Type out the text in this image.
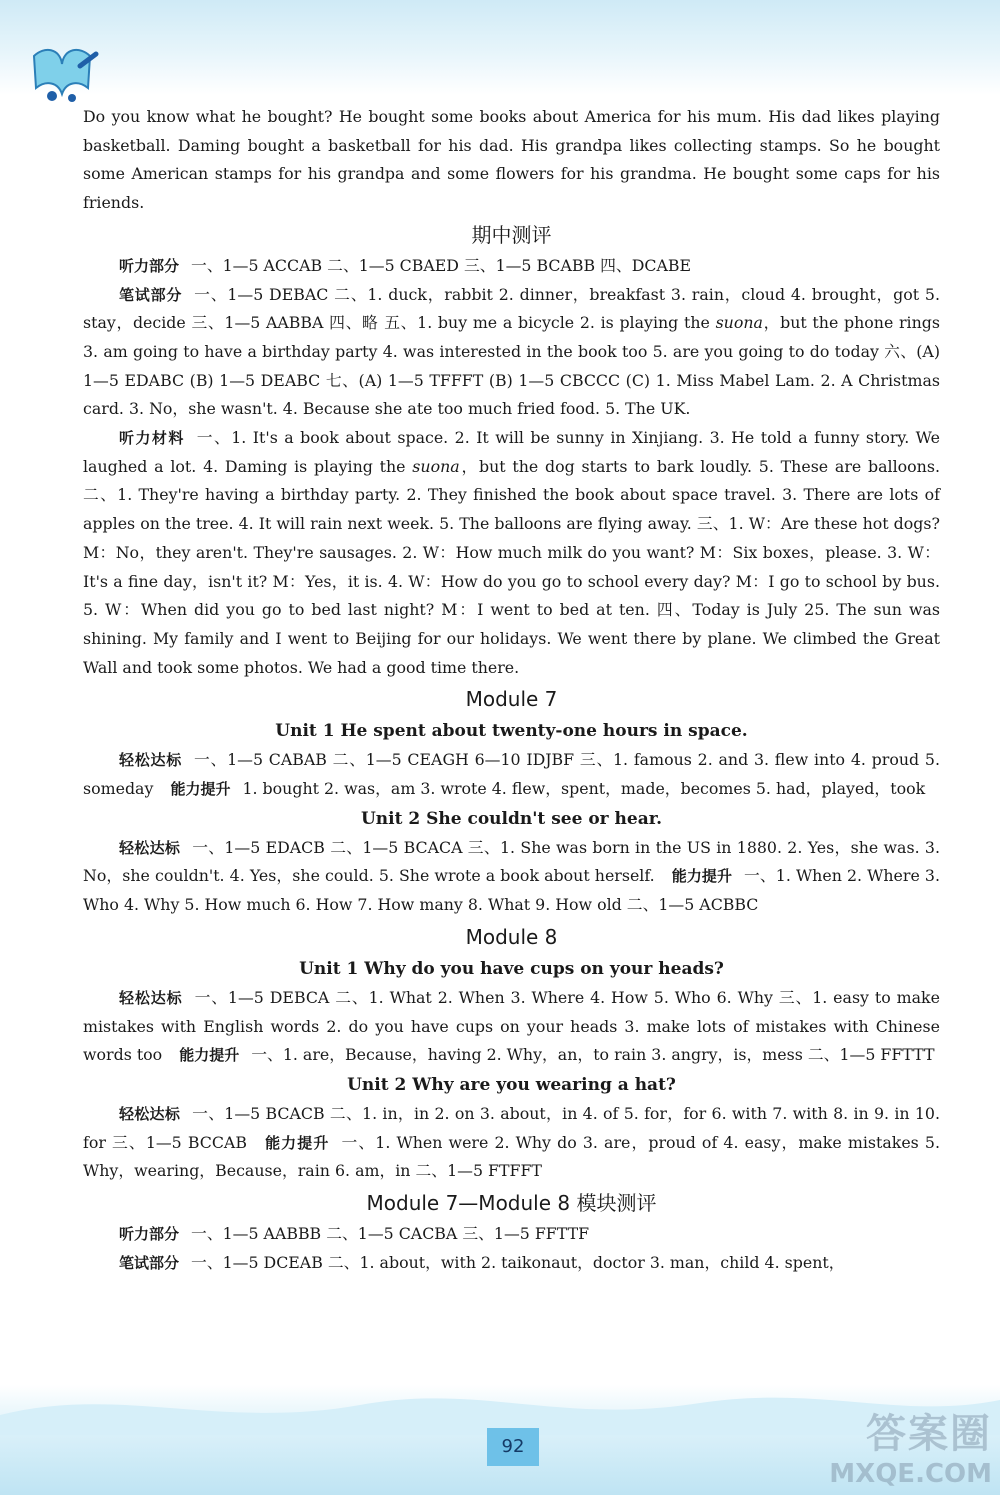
92	答案圈
MXQE.COM

Do you know what he bought? He bought some books about America for his mum. His dad likes playing basketball. Daming bought a basketball for his dad. His grandpa likes collecting stamps. So he bought some American stamps for his grandpa and some flowers for his grandma. He bought some caps for his friends.

期中测评

听力部分 一、1—5 ACCAB 二、1—5 CBAED 三、1—5 BCABB 四、DCABE

笔试部分 一、1—5 DEBAC 二、1. duck，rabbit 2. dinner，breakfast 3. rain，cloud 4. brought，got 5. stay，decide 三、1—5 AABBA 四、略 五、1. buy me a bicycle 2. is playing the suona，but the phone rings 3. am going to have a birthday party 4. was interested in the book too 5. are you going to do today 六、(A) 1—5 EDABC (B) 1—5 DEABC 七、(A) 1—5 TFFFT (B) 1—5 CBCCC (C) 1. Miss Mabel Lam. 2. A Christmas card. 3. No，she wasn't. 4. Because she ate too much fried food. 5. The UK.

听力材料 一、1. It's a book about space. 2. It will be sunny in Xinjiang. 3. He told a funny story. We laughed a lot. 4. Daming is playing the suona，but the dog starts to bark loudly. 5. These are balloons. 二、1. They're having a birthday party. 2. They finished the book about space travel. 3. There are lots of apples on the tree. 4. It will rain next week. 5. The balloons are flying away. 三、1. W：Are these hot dogs? M：No，they aren't. They're sausages. 2. W：How much milk do you want? M：Six boxes，please. 3. W：It's a fine day，isn't it? M：Yes，it is. 4. W：How do you go to school every day? M：I go to school by bus. 5. W：When did you go to bed last night? M：I went to bed at ten. 四、Today is July 25. The sun was shining. My family and I went to Beijing for our holidays. We went there by plane. We climbed the Great Wall and took some photos. We had a good time there.

Module 7
Unit 1 He spent about twenty-one hours in space.

轻松达标 一、1—5 CABAB 二、1—5 CEAGH 6—10 IDJBF 三、1. famous 2. and 3. flew into 4. proud 5. someday 能力提升 1. bought 2. was，am 3. wrote 4. flew，spent，made，becomes 5. had，played，took

Unit 2 She couldn't see or hear.

轻松达标 一、1—5 EDACB 二、1—5 BCACA 三、1. She was born in the US in 1880. 2. Yes，she was. 3. No，she couldn't. 4. Yes，she could. 5. She wrote a book about herself. 能力提升 一、1. When 2. Where 3. Who 4. Why 5. How much 6. How 7. How many 8. What 9. How old 二、1—5 ACBBC

Module 8
Unit 1 Why do you have cups on your heads?

轻松达标 一、1—5 DEBCA 二、1. What 2. When 3. Where 4. How 5. Who 6. Why 三、1. easy to make mistakes with English words 2. do you have cups on your heads 3. make lots of mistakes with Chinese words too 能力提升 一、1. are，Because，having 2. Why，an，to rain 3. angry，is，mess 二、1—5 FFTTT

Unit 2 Why are you wearing a hat?

轻松达标 一、1—5 BCACB 二、1. in，in 2. on 3. about，in 4. of 5. for，for 6. with 7. with 8. in 9. in 10. for 三、1—5 BCCAB 能力提升 一、1. When were 2. Why do 3. are，proud of 4. easy，make mistakes 5. Why，wearing，Because，rain 6. am，in 二、1—5 FTFFT

Module 7—Module 8 模块测评

听力部分 一、1—5 AABBB 二、1—5 CACBA 三、1—5 FFTTF

笔试部分 一、1—5 DCEAB 二、1. about，with 2. taikonaut，doctor 3. man，child 4. spent，
